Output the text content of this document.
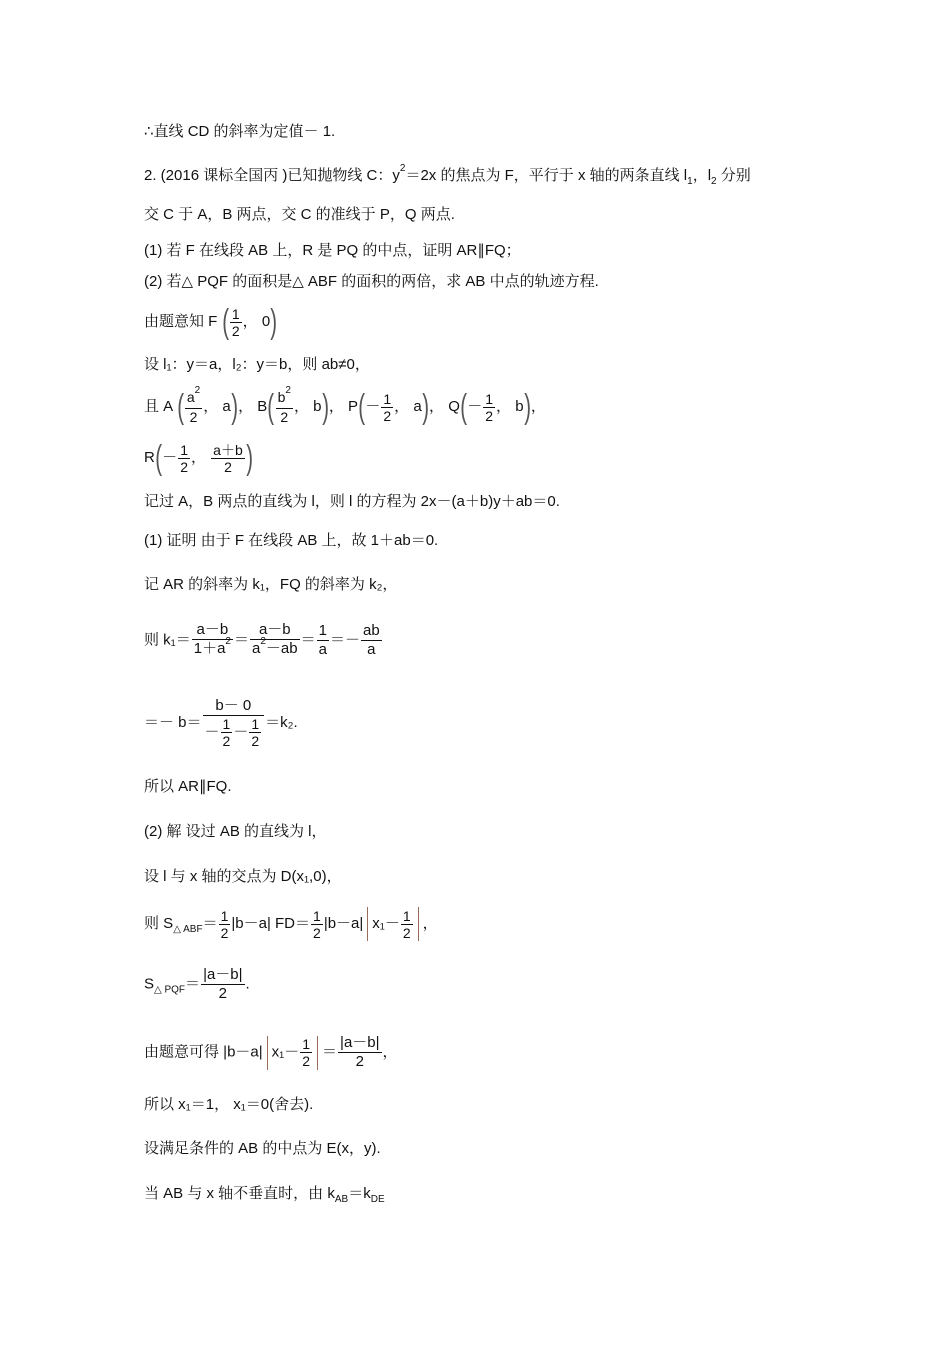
∴直线 CD 的斜率为定值－ 1.
2. (2016 课标全国丙 )已知抛物线 C：$y^2=2x$ 的焦点为 F，平行于 x 轴的两条直线 $l_1$，$l_2$ 分别
交 C 于 A，B 两点，交 C 的准线于 P，Q 两点.
(1) 若 F 在线段 AB 上，R 是 PQ 的中点，证明 AR∥FQ；
(2) 若△ PQF 的面积是△ ABF 的面积的两倍，求 AB 中点的轨迹方程.
由题意知 F ( $\frac{1}{2}$ ， 0)
设 l₁：y＝a，l₂：y＝b，则 ab≠0，
且 A ( $\frac{a^2}{2}$ ， a)， $B( \frac{b^2}{2}$ ， b)， $P(- \frac{1}{2}$ ， a)， $Q(- \frac{1}{2}$ ， b)，
$R(- \frac{1}{2}$ ， $\frac{a+b}{2}$ )
记过 A，B 两点的直线为 l，则 l 的方程为 2x－(a＋b)y＋ab＝0.
(1) 证明 由于 F 在线段 AB 上，故 1＋ab＝0.
记 AR 的斜率为 k₁，FQ 的斜率为 k₂，
则 $k_1= \frac{a-b}{1+a^2} = \frac{a-b}{a^2-ab} = \frac{1}{a} =- \frac{ab}{a}$
＝－ $b= \frac{b- 0}{- \frac{1}{2} - \frac{1}{2}} =k_2$.
所以 AR∥FQ.
(2) 解 设过 AB 的直线为 l，
设 l 与 x 轴的交点为 D(x₁,0)，
则 $S_{\triangle ABF}= \frac{1}{2} |b-a|$ $FD= \frac{1}{2} |b-a|$ $x_1- \frac{1}{2}$ ，
$S_{\triangle PQF}= \frac{|a-b|}{2}$ .
由题意可得 |b－a| $x_1- \frac{1}{2} = \frac{|a-b|}{2}$ ，
所以 x₁＝1， x₁＝0(舍去).
设满足条件的 AB 的中点为 E(x，y).
当 AB 与 x 轴不垂直时，由 $k_{AB}=k_{DE}$
